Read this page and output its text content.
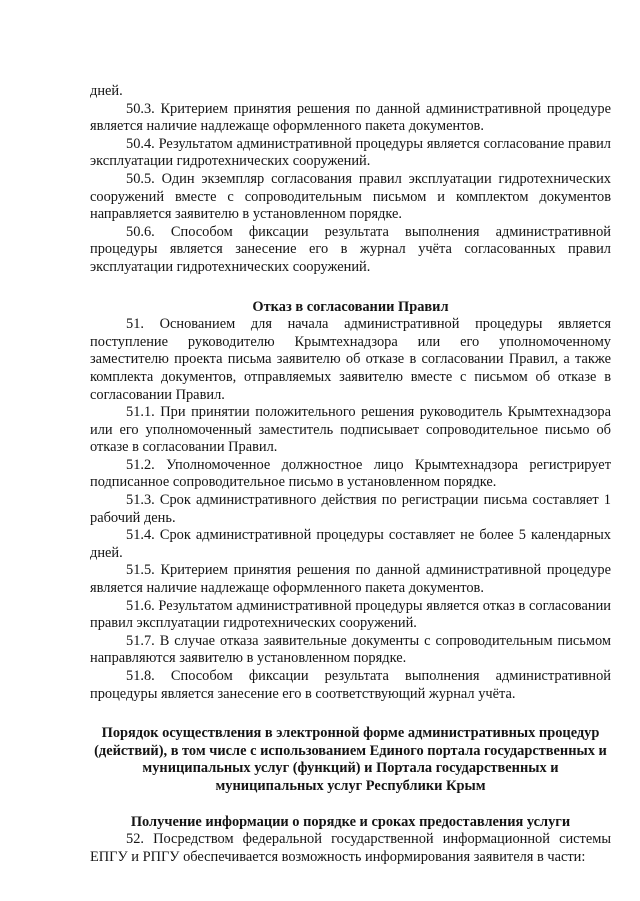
дней.

50.3. Критерием принятия решения по данной административной процедуре является наличие надлежаще оформленного пакета документов.

50.4. Результатом административной процедуры является согласование правил эксплуатации гидротехнических сооружений.

50.5. Один экземпляр согласования правил эксплуатации гидротехнических сооружений вместе с сопроводительным письмом и комплектом документов направляется заявителю в установленном порядке.

50.6. Способом фиксации результата выполнения административной процедуры является занесение его в журнал учёта согласованных правил эксплуатации гидротехнических сооружений.

Отказ в согласовании Правил

51. Основанием для начала административной процедуры является поступление руководителю Крымтехнадзора или его уполномоченному заместителю проекта письма заявителю об отказе в согласовании Правил, а также комплекта документов, отправляемых заявителю вместе с письмом об отказе в согласовании Правил.

51.1. При принятии положительного решения руководитель Крымтехнадзора или его уполномоченный заместитель подписывает сопроводительное письмо об отказе в согласовании Правил.

51.2. Уполномоченное должностное лицо Крымтехнадзора регистрирует подписанное сопроводительное письмо в установленном порядке.

51.3. Срок административного действия по регистрации письма составляет 1 рабочий день.

51.4. Срок административной процедуры составляет не более 5 календарных дней.

51.5. Критерием принятия решения по данной административной процедуре является наличие надлежаще оформленного пакета документов.

51.6. Результатом административной процедуры является отказ в согласовании правил эксплуатации гидротехнических сооружений.

51.7. В случае отказа заявительные документы с сопроводительным письмом направляются заявителю в установленном порядке.

51.8. Способом фиксации результата выполнения административной процедуры является занесение его в соответствующий журнал учёта.

Порядок осуществления в электронной форме административных процедур

(действий), в том числе с использованием Единого портала государственных и

муниципальных услуг (функций) и Портала государственных и

муниципальных услуг Республики Крым

Получение информации о порядке и сроках предоставления услуги

52. Посредством федеральной государственной информационной системы ЕПГУ и РПГУ обеспечивается возможность информирования заявителя в части:
